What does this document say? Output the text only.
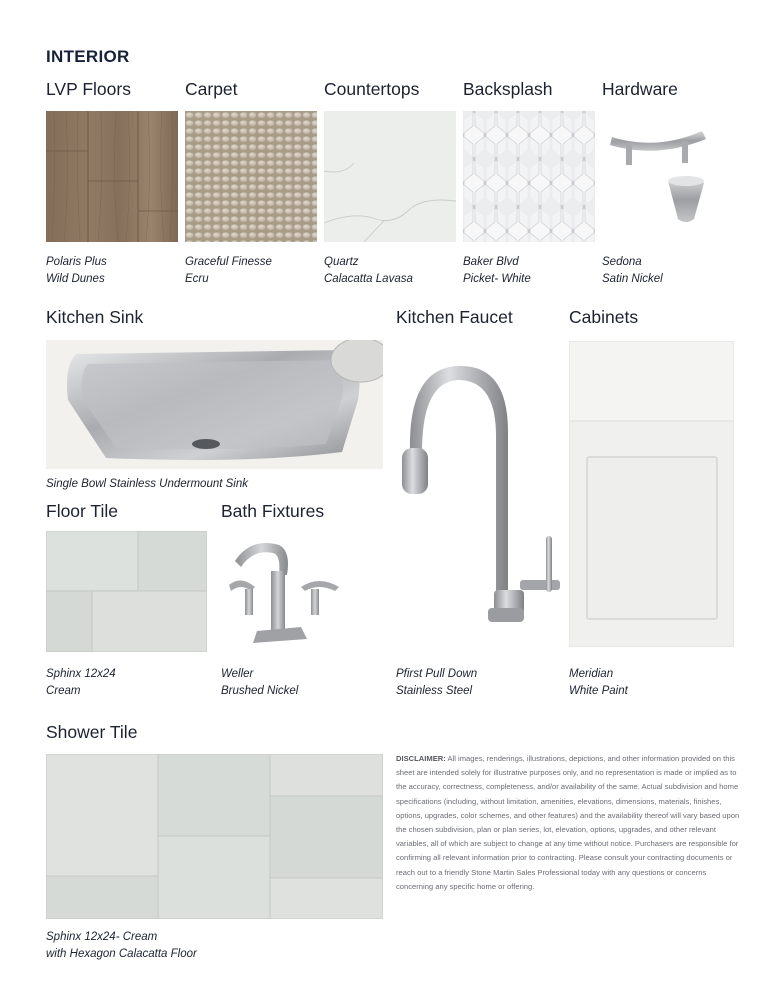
INTERIOR
LVP Floors	Carpet	Countertops Backsplash	Hardware
Polaris Plus
Wild Dunes
Graceful Finesse
Ecru
Quartz
Calacatta Lavasa
Baker Blvd
Picket- White
Sedona
Satin Nickel
Kitchen Sink	Kitchen Faucet	Cabinets
Single Bowl Stainless Undermount Sink
Pfirst Pull Down
Stainless Steel
Meridian
White Paint
Floor Tile	Bath Fixtures
Sphinx 12x24
Cream
Weller
Brushed Nickel
Shower Tile
Sphinx 12x24- Cream
with Hexagon Calacatta Floor
DISCLAIMER: All images, renderings, illustrations, depictions, and other information provided on this sheet are intended solely for illustrative purposes only, and no representation is made or implied as to the accuracy, correctness, completeness, and/or availability of the same. Actual subdivision and home specifications (including, without limitation, amenities, elevations, dimensions, materials, finishes, options, upgrades, color schemes, and other features) and the availability thereof will vary based upon the chosen subdivision, plan or plan series, lot, elevation, options, upgrades, and other relevant variables, all of which are subject to change at any time without notice. Purchasers are responsible for confirming all relevant information prior to contracting. Please consult your contracting documents or reach out to a friendly Stone Martin Sales Professional today with any questions or concerns concerning any specific home or offering.
